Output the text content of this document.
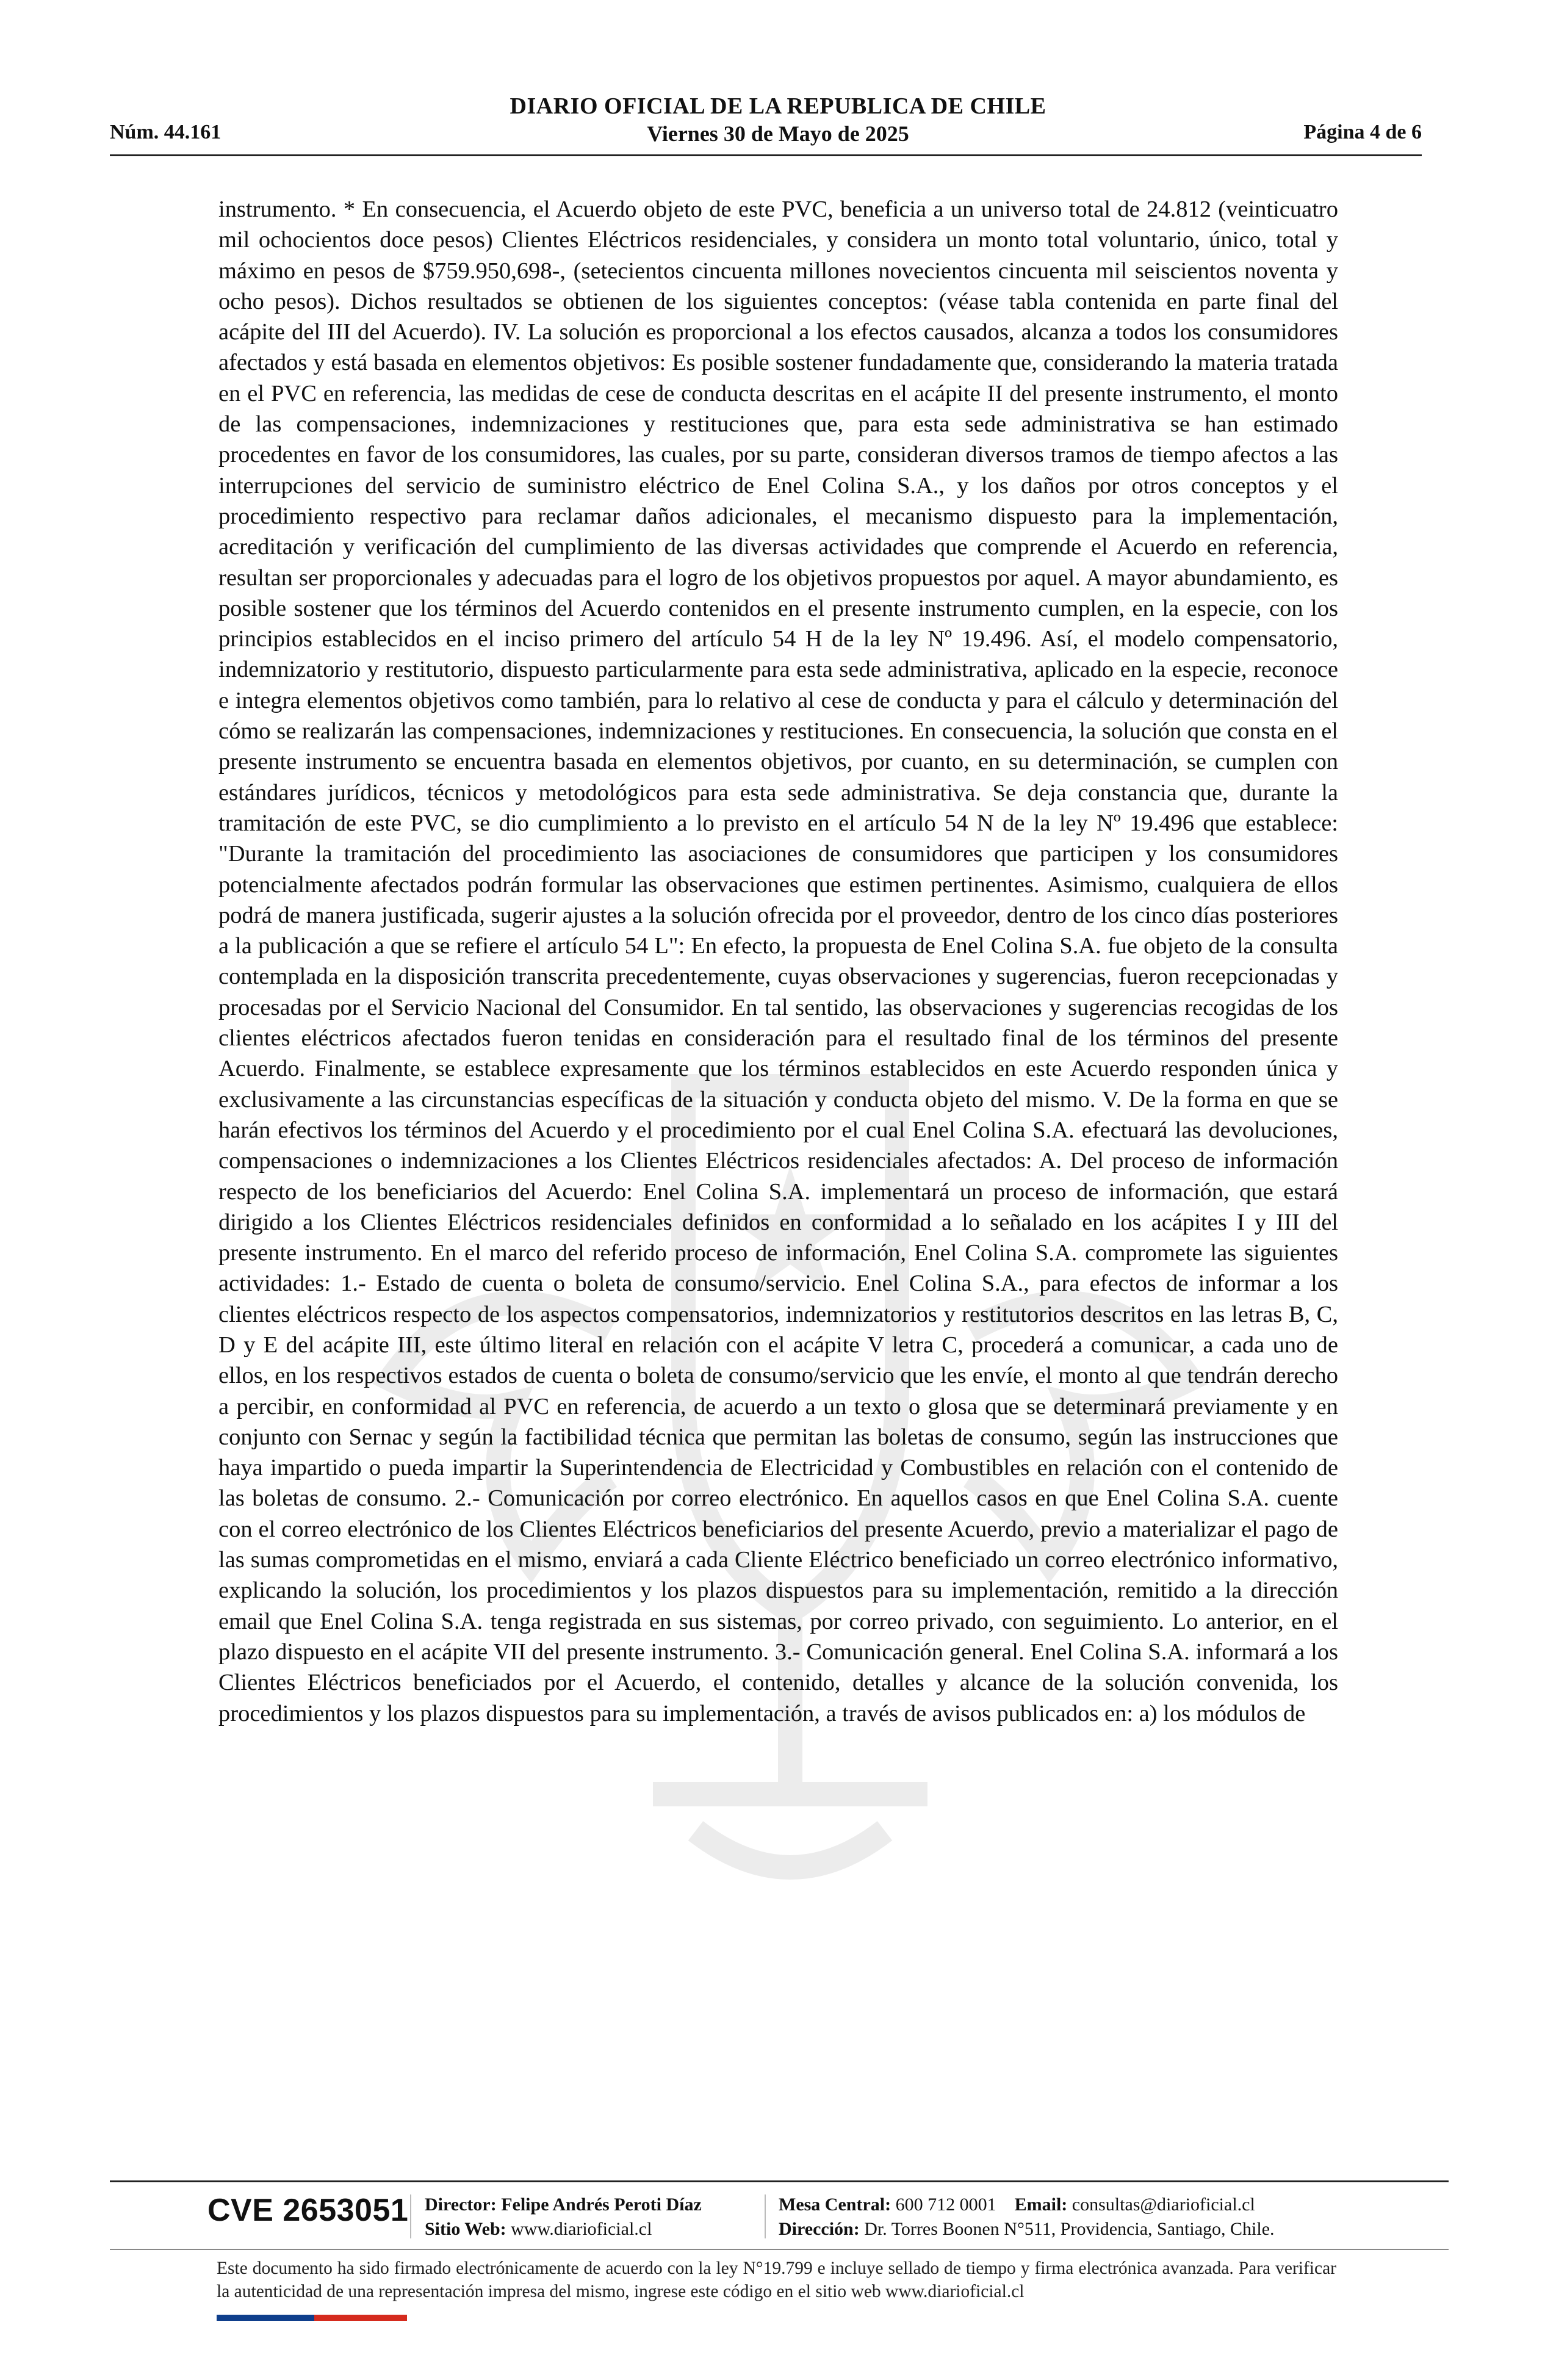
DIARIO OFICIAL DE LA REPUBLICA DE CHILE
Núm. 44.161	Viernes 30 de Mayo de 2025	Página 4 de 6

instrumento. * En consecuencia, el Acuerdo objeto de este PVC, beneficia a un universo total de 24.812 (veinticuatro mil ochocientos doce pesos) Clientes Eléctricos residenciales, y considera un monto total voluntario, único, total y máximo en pesos de $759.950,698-, (setecientos cincuenta millones novecientos cincuenta mil seiscientos noventa y ocho pesos). Dichos resultados se obtienen de los siguientes conceptos: (véase tabla contenida en parte final del acápite del III del Acuerdo). IV. La solución es proporcional a los efectos causados, alcanza a todos los consumidores afectados y está basada en elementos objetivos: Es posible sostener fundadamente que, considerando la materia tratada en el PVC en referencia, las medidas de cese de conducta descritas en el acápite II del presente instrumento, el monto de las compensaciones, indemnizaciones y restituciones que, para esta sede administrativa se han estimado procedentes en favor de los consumidores, las cuales, por su parte, consideran diversos tramos de tiempo afectos a las interrupciones del servicio de suministro eléctrico de Enel Colina S.A., y los daños por otros conceptos y el procedimiento respectivo para reclamar daños adicionales, el mecanismo dispuesto para la implementación, acreditación y verificación del cumplimiento de las diversas actividades que comprende el Acuerdo en referencia, resultan ser proporcionales y adecuadas para el logro de los objetivos propuestos por aquel. A mayor abundamiento, es posible sostener que los términos del Acuerdo contenidos en el presente instrumento cumplen, en la especie, con los principios establecidos en el inciso primero del artículo 54 H de la ley Nº 19.496. Así, el modelo compensatorio, indemnizatorio y restitutorio, dispuesto particularmente para esta sede administrativa, aplicado en la especie, reconoce e integra elementos objetivos como también, para lo relativo al cese de conducta y para el cálculo y determinación del cómo se realizarán las compensaciones, indemnizaciones y restituciones. En consecuencia, la solución que consta en el presente instrumento se encuentra basada en elementos objetivos, por cuanto, en su determinación, se cumplen con estándares jurídicos, técnicos y metodológicos para esta sede administrativa. Se deja constancia que, durante la tramitación de este PVC, se dio cumplimiento a lo previsto en el artículo 54 N de la ley Nº 19.496 que establece: "Durante la tramitación del procedimiento las asociaciones de consumidores que participen y los consumidores potencialmente afectados podrán formular las observaciones que estimen pertinentes. Asimismo, cualquiera de ellos podrá de manera justificada, sugerir ajustes a la solución ofrecida por el proveedor, dentro de los cinco días posteriores a la publicación a que se refiere el artículo 54 L": En efecto, la propuesta de Enel Colina S.A. fue objeto de la consulta contemplada en la disposición transcrita precedentemente, cuyas observaciones y sugerencias, fueron recepcionadas y procesadas por el Servicio Nacional del Consumidor. En tal sentido, las observaciones y sugerencias recogidas de los clientes eléctricos afectados fueron tenidas en consideración para el resultado final de los términos del presente Acuerdo. Finalmente, se establece expresamente que los términos establecidos en este Acuerdo responden única y exclusivamente a las circunstancias específicas de la situación y conducta objeto del mismo. V. De la forma en que se harán efectivos los términos del Acuerdo y el procedimiento por el cual Enel Colina S.A. efectuará las devoluciones, compensaciones o indemnizaciones a los Clientes Eléctricos residenciales afectados: A. Del proceso de información respecto de los beneficiarios del Acuerdo: Enel Colina S.A. implementará un proceso de información, que estará dirigido a los Clientes Eléctricos residenciales definidos en conformidad a lo señalado en los acápites I y III del presente instrumento. En el marco del referido proceso de información, Enel Colina S.A. compromete las siguientes actividades: 1.- Estado de cuenta o boleta de consumo/servicio. Enel Colina S.A., para efectos de informar a los clientes eléctricos respecto de los aspectos compensatorios, indemnizatorios y restitutorios descritos en las letras B, C, D y E del acápite III, este último literal en relación con el acápite V letra C, procederá a comunicar, a cada uno de ellos, en los respectivos estados de cuenta o boleta de consumo/servicio que les envíe, el monto al que tendrán derecho a percibir, en conformidad al PVC en referencia, de acuerdo a un texto o glosa que se determinará previamente y en conjunto con Sernac y según la factibilidad técnica que permitan las boletas de consumo, según las instrucciones que haya impartido o pueda impartir la Superintendencia de Electricidad y Combustibles en relación con el contenido de las boletas de consumo. 2.- Comunicación por correo electrónico. En aquellos casos en que Enel Colina S.A. cuente con el correo electrónico de los Clientes Eléctricos beneficiarios del presente Acuerdo, previo a materializar el pago de las sumas comprometidas en el mismo, enviará a cada Cliente Eléctrico beneficiado un correo electrónico informativo, explicando la solución, los procedimientos y los plazos dispuestos para su implementación, remitido a la dirección email que Enel Colina S.A. tenga registrada en sus sistemas, por correo privado, con seguimiento. Lo anterior, en el plazo dispuesto en el acápite VII del presente instrumento. 3.- Comunicación general. Enel Colina S.A. informará a los Clientes Eléctricos beneficiados por el Acuerdo, el contenido, detalles y alcance de la solución convenida, los procedimientos y los plazos dispuestos para su implementación, a través de avisos publicados en: a) los módulos de

CVE 2653051 Director: Felipe Andrés Peroti Díaz
Sitio Web: www.diarioficial.cl
Mesa Central: 600 712 0001 Email: consultas@diarioficial.cl
Dirección: Dr. Torres Boonen N°511, Providencia, Santiago, Chile.
Este documento ha sido firmado electrónicamente de acuerdo con la ley N°19.799 e incluye sellado de tiempo y firma electrónica avanzada. Para verificar la autenticidad de una representación impresa del mismo, ingrese este código en el sitio web www.diarioficial.cl
